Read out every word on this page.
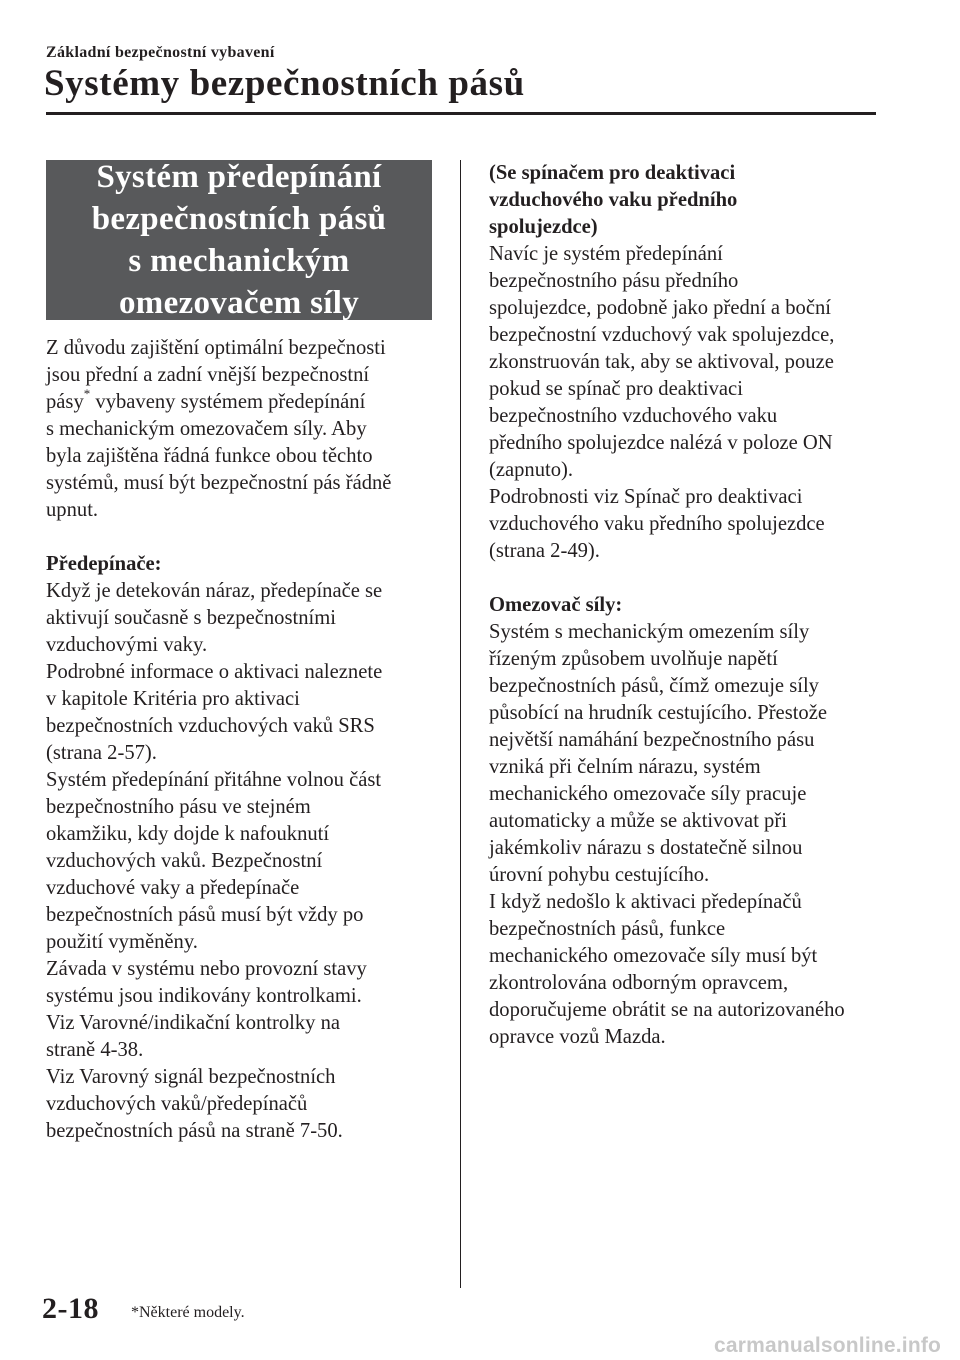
Základní bezpečnostní vybavení
Systémy bezpečnostních pásů
Systém předepínání
bezpečnostních pásů
s mechanickým
omezovačem síly
Z důvodu zajištění optimální bezpečnosti
jsou přední a zadní vnější bezpečnostní
pásy* vybaveny systémem předepínání
s mechanickým omezovačem síly. Aby
byla zajištěna řádná funkce obou těchto
systémů, musí být bezpečnostní pás řádně
upnut.
Předepínače:
Když je detekován náraz, předepínače se
aktivují současně s bezpečnostními
vzduchovými vaky.
Podrobné informace o aktivaci naleznete
v kapitole Kritéria pro aktivaci
bezpečnostních vzduchových vaků SRS
(strana 2-57).
Systém předepínání přitáhne volnou část
bezpečnostního pásu ve stejném
okamžiku, kdy dojde k nafouknutí
vzduchových vaků. Bezpečnostní
vzduchové vaky a předepínače
bezpečnostních pásů musí být vždy po
použití vyměněny.
Závada v systému nebo provozní stavy
systému jsou indikovány kontrolkami.
Viz Varovné/indikační kontrolky na
straně 4-38.
Viz Varovný signál bezpečnostních
vzduchových vaků/předepínačů
bezpečnostních pásů na straně 7-50.
(Se spínačem pro deaktivaci
vzduchového vaku předního
spolujezdce)
Navíc je systém předepínání
bezpečnostního pásu předního
spolujezdce, podobně jako přední a boční
bezpečnostní vzduchový vak spolujezdce,
zkonstruován tak, aby se aktivoval, pouze
pokud se spínač pro deaktivaci
bezpečnostního vzduchového vaku
předního spolujezdce nalézá v poloze ON
(zapnuto).
Podrobnosti viz Spínač pro deaktivaci
vzduchového vaku předního spolujezdce
(strana 2-49).
Omezovač síly:
Systém s mechanickým omezením síly
řízeným způsobem uvolňuje napětí
bezpečnostních pásů, čímž omezuje síly
působící na hrudník cestujícího. Přestože
největší namáhání bezpečnostního pásu
vzniká při čelním nárazu, systém
mechanického omezovače síly pracuje
automaticky a může se aktivovat při
jakémkoliv nárazu s dostatečně silnou
úrovní pohybu cestujícího.
I když nedošlo k aktivaci předepínačů
bezpečnostních pásů, funkce
mechanického omezovače síly musí být
zkontrolována odborným opravcem,
doporučujeme obrátit se na autorizovaného
opravce vozů Mazda.
2-18 *Některé modely.
carmanualsonline.info
